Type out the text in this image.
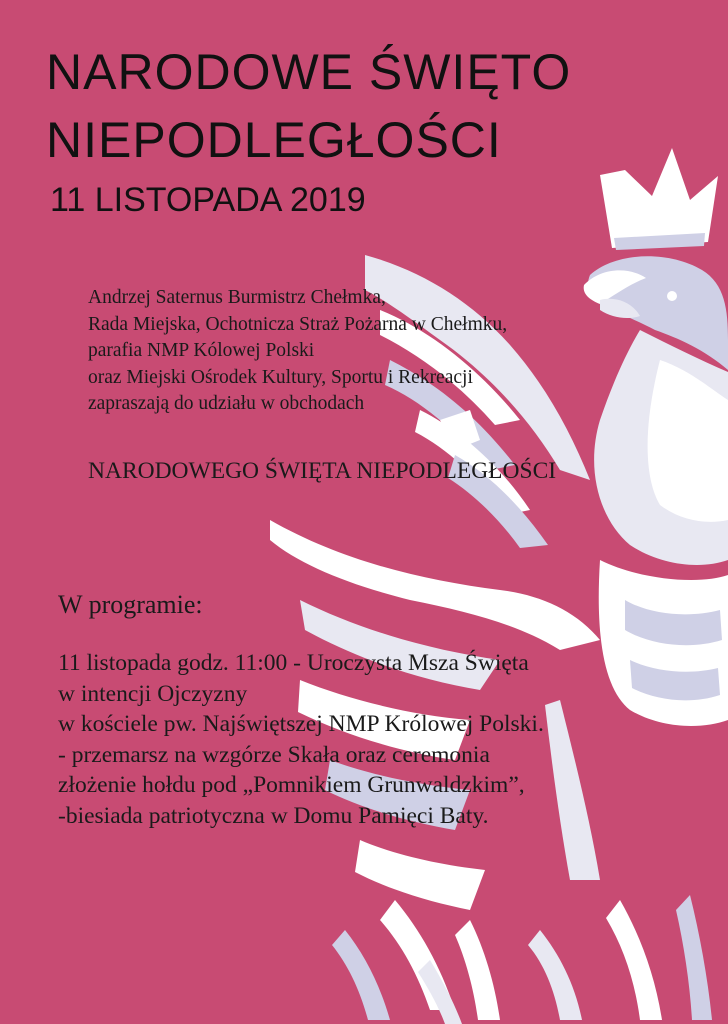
NARODOWE ŚWIĘTO
NIEPODLEGŁOŚCI
11 LISTOPADA 2019
Andrzej Saternus Burmistrz Chełmka,
Rada Miejska, Ochotnicza Straż Pożarna w Chełmku,
parafia NMP Kólowej Polski
oraz Miejski Ośrodek Kultury, Sportu i Rekreacji
zapraszają do udziału w obchodach
NARODOWEGO ŚWIĘTA NIEPODLEGŁOŚCI
W programie:
11 listopada godz. 11:00 - Uroczysta Msza Święta
w intencji Ojczyzny
w kościele pw. Najświętszej NMP Królowej Polski.
- przemarsz na wzgórze Skała oraz ceremonia
złożenie hołdu pod „Pomnikiem Grunwaldzkim”,
-biesiada patriotyczna w Domu Pamięci Baty.
